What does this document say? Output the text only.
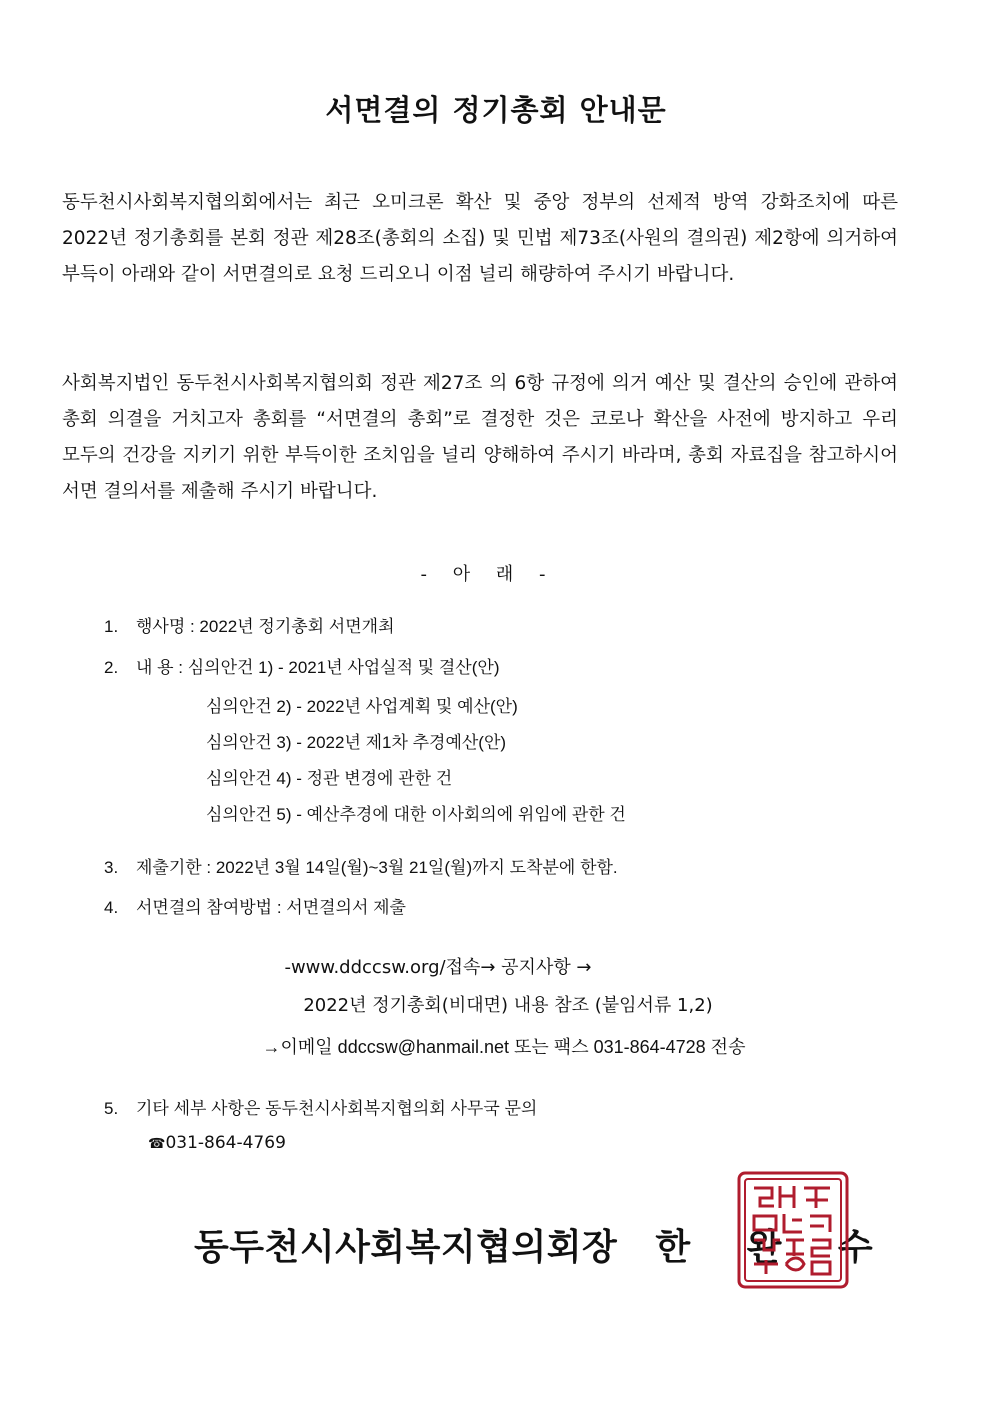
서면결의 정기총회 안내문
동두천시사회복지협의회에서는 최근 오미크론 확산 및 중앙 정부의 선제적 방역 강화조치에 따른 2022년 정기총회를 본회 정관 제28조(총회의 소집) 및 민법 제73조(사원의 결의권) 제2항에 의거하여 부득이 아래와 같이 서면결의로 요청 드리오니 이점 널리 해량하여 주시기 바랍니다.
사회복지법인 동두천시사회복지협의회 정관 제27조 의 6항 규정에 의거 예산 및 결산의 승인에 관하여 총회 의결을 거치고자 총회를 “서면결의 총회”로 결정한 것은 코로나 확산을 사전에 방지하고 우리 모두의 건강을 지키기 위한 부득이한 조치임을 널리 양해하여 주시기 바라며, 총회 자료집을 참고하시어 서면 결의서를 제출해 주시기 바랍니다.
- 아 래 -
1. 행사명 : 2022년 정기총회 서면개최
2. 내 용 : 심의안건 1) - 2021년 사업실적 및 결산(안)
심의안건 2) - 2022년 사업계획 및 예산(안)
심의안건 3) - 2022년 제1차 추경예산(안)
심의안건 4) - 정관 변경에 관한 건
심의안건 5) - 예산추경에 대한 이사회의에 위임에 관한 건
3. 제출기한 : 2022년 3월 14일(월)~3월 21일(월)까지 도착분에 한함.
4. 서면결의 참여방법 : 서면결의서 제출
5. 기타 세부 사항은 동두천시사회복지협의회 사무국 문의
-www.ddccsw.org/접속→ 공지사항 →
2022년 정기총회(비대면) 내용 참조 (붙임서류 1,2)
→이메일 ddccsw@hanmail.net 또는 팩스 031-864-4728 전송
☎031-864-4769
동두천시사회복지협의회장 한 완 수
